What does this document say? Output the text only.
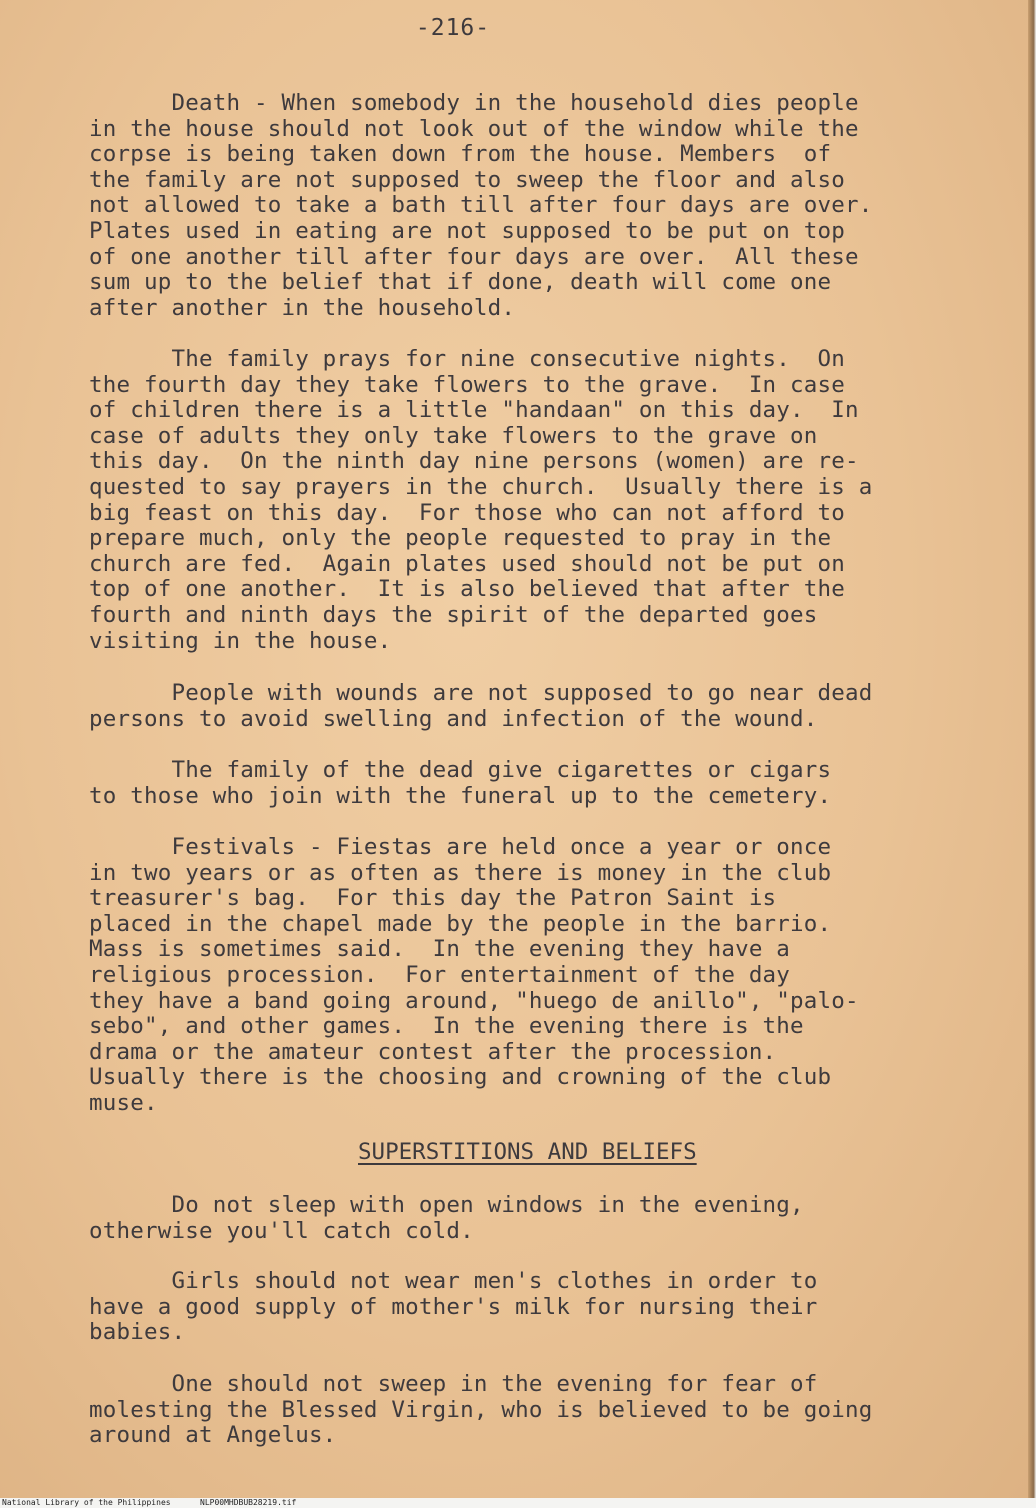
-216-

Death - When somebody in the household dies people
in the house should not look out of the window while the
corpse is being taken down from the house. Members  of
the family are not supposed to sweep the floor and also
not allowed to take a bath till after four days are over.
Plates used in eating are not supposed to be put on top
of one another till after four days are over.  All these
sum up to the belief that if done, death will come one
after another in the household.

The family prays for nine consecutive nights.  On
the fourth day they take flowers to the grave.  In case
of children there is a little "handaan" on this day.  In
case of adults they only take flowers to the grave on
this day.  On the ninth day nine persons (women) are re-
quested to say prayers in the church.  Usually there is a
big feast on this day.  For those who can not afford to
prepare much, only the people requested to pray in the
church are fed.  Again plates used should not be put on
top of one another.  It is also believed that after the
fourth and ninth days the spirit of the departed goes
visiting in the house.

People with wounds are not supposed to go near dead
persons to avoid swelling and infection of the wound.

The family of the dead give cigarettes or cigars
to those who join with the funeral up to the cemetery.

Festivals - Fiestas are held once a year or once
in two years or as often as there is money in the club
treasurer's bag.  For this day the Patron Saint is
placed in the chapel made by the people in the barrio.
Mass is sometimes said.  In the evening they have a
religious procession.  For entertainment of the day
they have a band going around, "huego de anillo", "palo-
sebo", and other games.  In the evening there is the
drama or the amateur contest after the procession.
Usually there is the choosing and crowning of the club
muse.

SUPERSTITIONS AND BELIEFS

Do not sleep with open windows in the evening,
otherwise you'll catch cold.

Girls should not wear men's clothes in order to
have a good supply of mother's milk for nursing their
babies.

One should not sweep in the evening for fear of
molesting the Blessed Virgin, who is believed to be going
around at Angelus.

National Library of the Philippines	NLP00MHDBUB28219.tif
